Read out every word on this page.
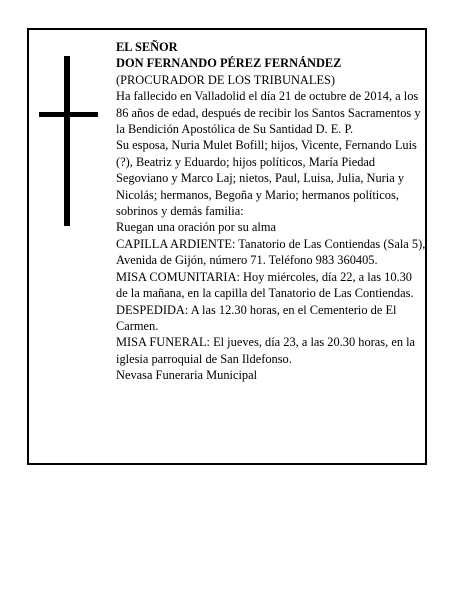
EL SEÑOR

DON FERNANDO PÉREZ FERNÁNDEZ

(PROCURADOR DE LOS TRIBUNALES)

Ha fallecido en Valladolid el día 21 de octubre de 2014, a los 86 años de edad, después de recibir los Santos Sacramentos y la Bendición Apostólica de Su Santidad D. E. P.

Su esposa, Nuria Mulet Bofill; hijos, Vicente, Fernando Luis (?), Beatriz y Eduardo; hijos políticos, María Piedad Segoviano y Marco Laj; nietos, Paul, Luisa, Julia, Nuria y Nicolás; hermanos, Begoña y Mario; hermanos políticos, sobrinos y demás familia:

Ruegan una oración por su alma

CAPILLA ARDIENTE: Tanatorio de Las Contiendas (Sala 5), Avenida de Gijón, número 71. Teléfono 983 360405.

MISA COMUNITARIA: Hoy miércoles, día 22, a las 10.30 de la mañana, en la capilla del Tanatorio de Las Contiendas.

DESPEDIDA: A las 12.30 horas, en el Cementerio de El Carmen.

MISA FUNERAL: El jueves, día 23, a las 20.30 horas, en la iglesia parroquial de San Ildefonso.

Nevasa Funeraria Municipal
